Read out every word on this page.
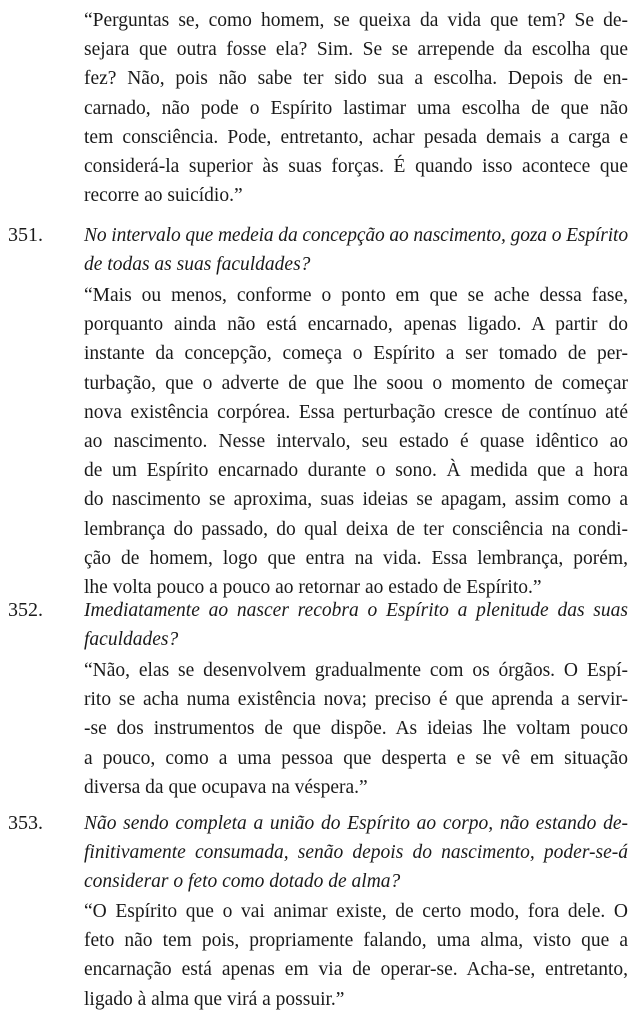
“Perguntas se, como homem, se queixa da vida que tem? Se de-
sejara que outra fosse ela? Sim. Se se arrepende da escolha que
fez? Não, pois não sabe ter sido sua a escolha. Depois de en-
carnado, não pode o Espírito lastimar uma escolha de que não
tem consciência. Pode, entretanto, achar pesada demais a carga e
considerá-la superior às suas forças. É quando isso acontece que
recorre ao suicídio.”
351. No intervalo que medeia da concepção ao nascimento, goza o Espírito
de todas as suas faculdades?
“Mais ou menos, conforme o ponto em que se ache dessa fase,
porquanto ainda não está encarnado, apenas ligado. A partir do
instante da concepção, começa o Espírito a ser tomado de per-
turbação, que o adverte de que lhe soou o momento de começar
nova existência corpórea. Essa perturbação cresce de contínuo até
ao nascimento. Nesse intervalo, seu estado é quase idêntico ao
de um Espírito encarnado durante o sono. À medida que a hora
do nascimento se aproxima, suas ideias se apagam, assim como a
lembrança do passado, do qual deixa de ter consciência na condi-
ção de homem, logo que entra na vida. Essa lembrança, porém,
lhe volta pouco a pouco ao retornar ao estado de Espírito.”
352. Imediatamente ao nascer recobra o Espírito a plenitude das suas
faculdades?
“Não, elas se desenvolvem gradualmente com os órgãos. O Espí-
rito se acha numa existência nova; preciso é que aprenda a servir-
-se dos instrumentos de que dispõe. As ideias lhe voltam pouco
a pouco, como a uma pessoa que desperta e se vê em situação
diversa da que ocupava na véspera.”
353. Não sendo completa a união do Espírito ao corpo, não estando de-
finitivamente consumada, senão depois do nascimento, poder-se-á
considerar o feto como dotado de alma?
“O Espírito que o vai animar existe, de certo modo, fora dele. O
feto não tem pois, propriamente falando, uma alma, visto que a
encarnação está apenas em via de operar-se. Acha-se, entretanto,
ligado à alma que virá a possuir.”
